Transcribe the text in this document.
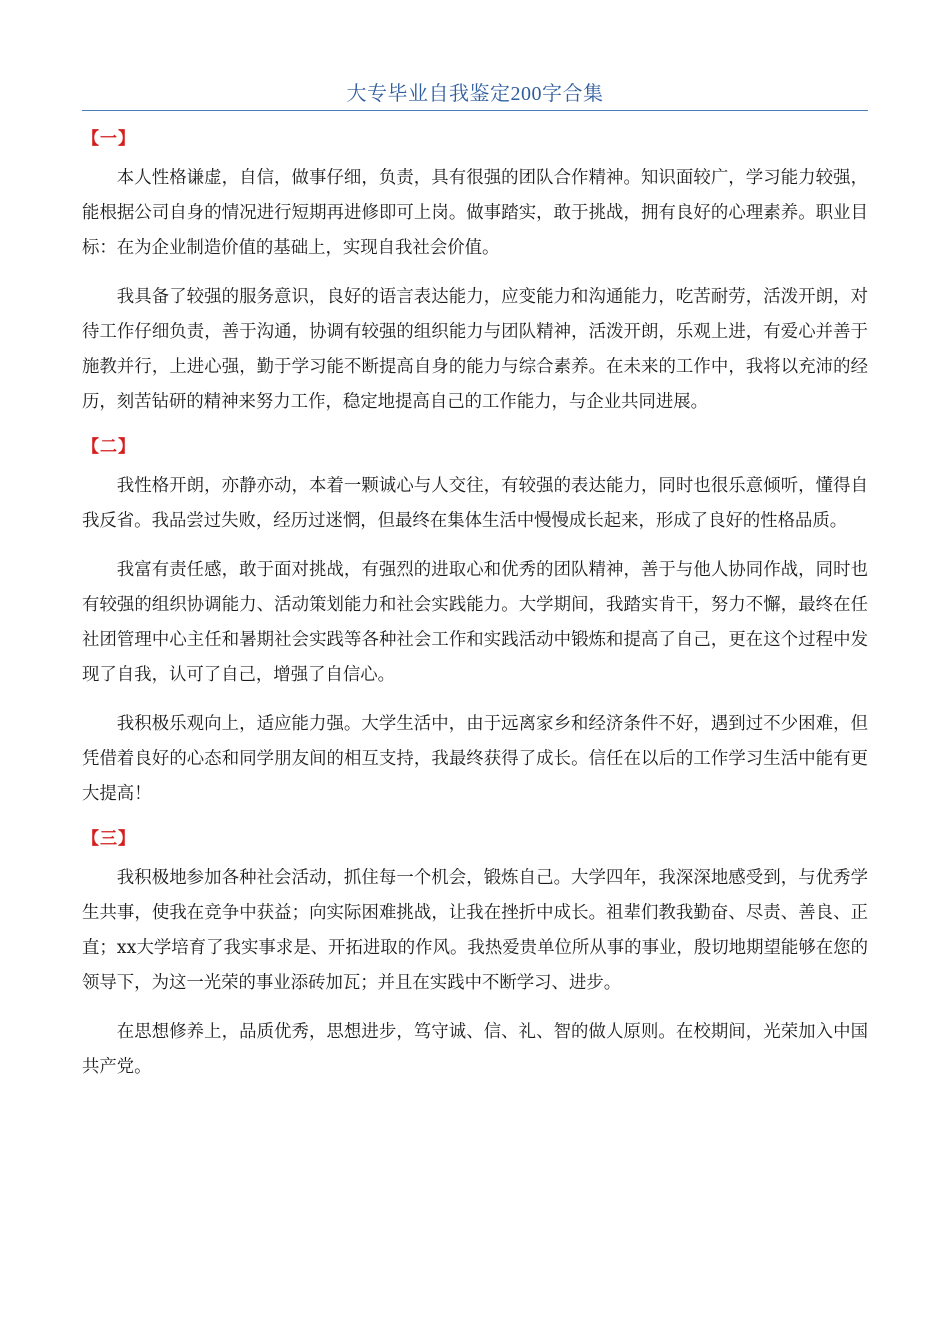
大专毕业自我鉴定200字合集
【一】

本人性格谦虚，自信，做事仔细，负责，具有很强的团队合作精神。知识面较广，学习能力较强，能根据公司自身的情况进行短期再进修即可上岗。做事踏实，敢于挑战，拥有良好的心理素养。职业目标：在为企业制造价值的基础上，实现自我社会价值。

我具备了较强的服务意识，良好的语言表达能力，应变能力和沟通能力，吃苦耐劳，活泼开朗，对待工作仔细负责，善于沟通，协调有较强的组织能力与团队精神，活泼开朗，乐观上进，有爱心并善于施教并行，上进心强，勤于学习能不断提高自身的能力与综合素养。在未来的工作中，我将以充沛的经历，刻苦钻研的精神来努力工作，稳定地提高自己的工作能力，与企业共同进展。

【二】

我性格开朗，亦静亦动，本着一颗诚心与人交往，有较强的表达能力，同时也很乐意倾听，懂得自我反省。我品尝过失败，经历过迷惘，但最终在集体生活中慢慢成长起来，形成了良好的性格品质。

我富有责任感，敢于面对挑战，有强烈的进取心和优秀的团队精神，善于与他人协同作战，同时也有较强的组织协调能力、活动策划能力和社会实践能力。大学期间，我踏实肯干，努力不懈，最终在任社团管理中心主任和暑期社会实践等各种社会工作和实践活动中锻炼和提高了自己，更在这个过程中发现了自我，认可了自己，增强了自信心。

我积极乐观向上，适应能力强。大学生活中，由于远离家乡和经济条件不好，遇到过不少困难，但凭借着良好的心态和同学朋友间的相互支持，我最终获得了成长。信任在以后的工作学习生活中能有更大提高！

【三】

我积极地参加各种社会活动，抓住每一个机会，锻炼自己。大学四年，我深深地感受到，与优秀学生共事，使我在竞争中获益；向实际困难挑战，让我在挫折中成长。祖辈们教我勤奋、尽责、善良、正直；xx大学培育了我实事求是、开拓进取的作风。我热爱贵单位所从事的事业，殷切地期望能够在您的领导下，为这一光荣的事业添砖加瓦；并且在实践中不断学习、进步。

在思想修养上，品质优秀，思想进步，笃守诚、信、礼、智的做人原则。在校期间，光荣加入中国共产党。
